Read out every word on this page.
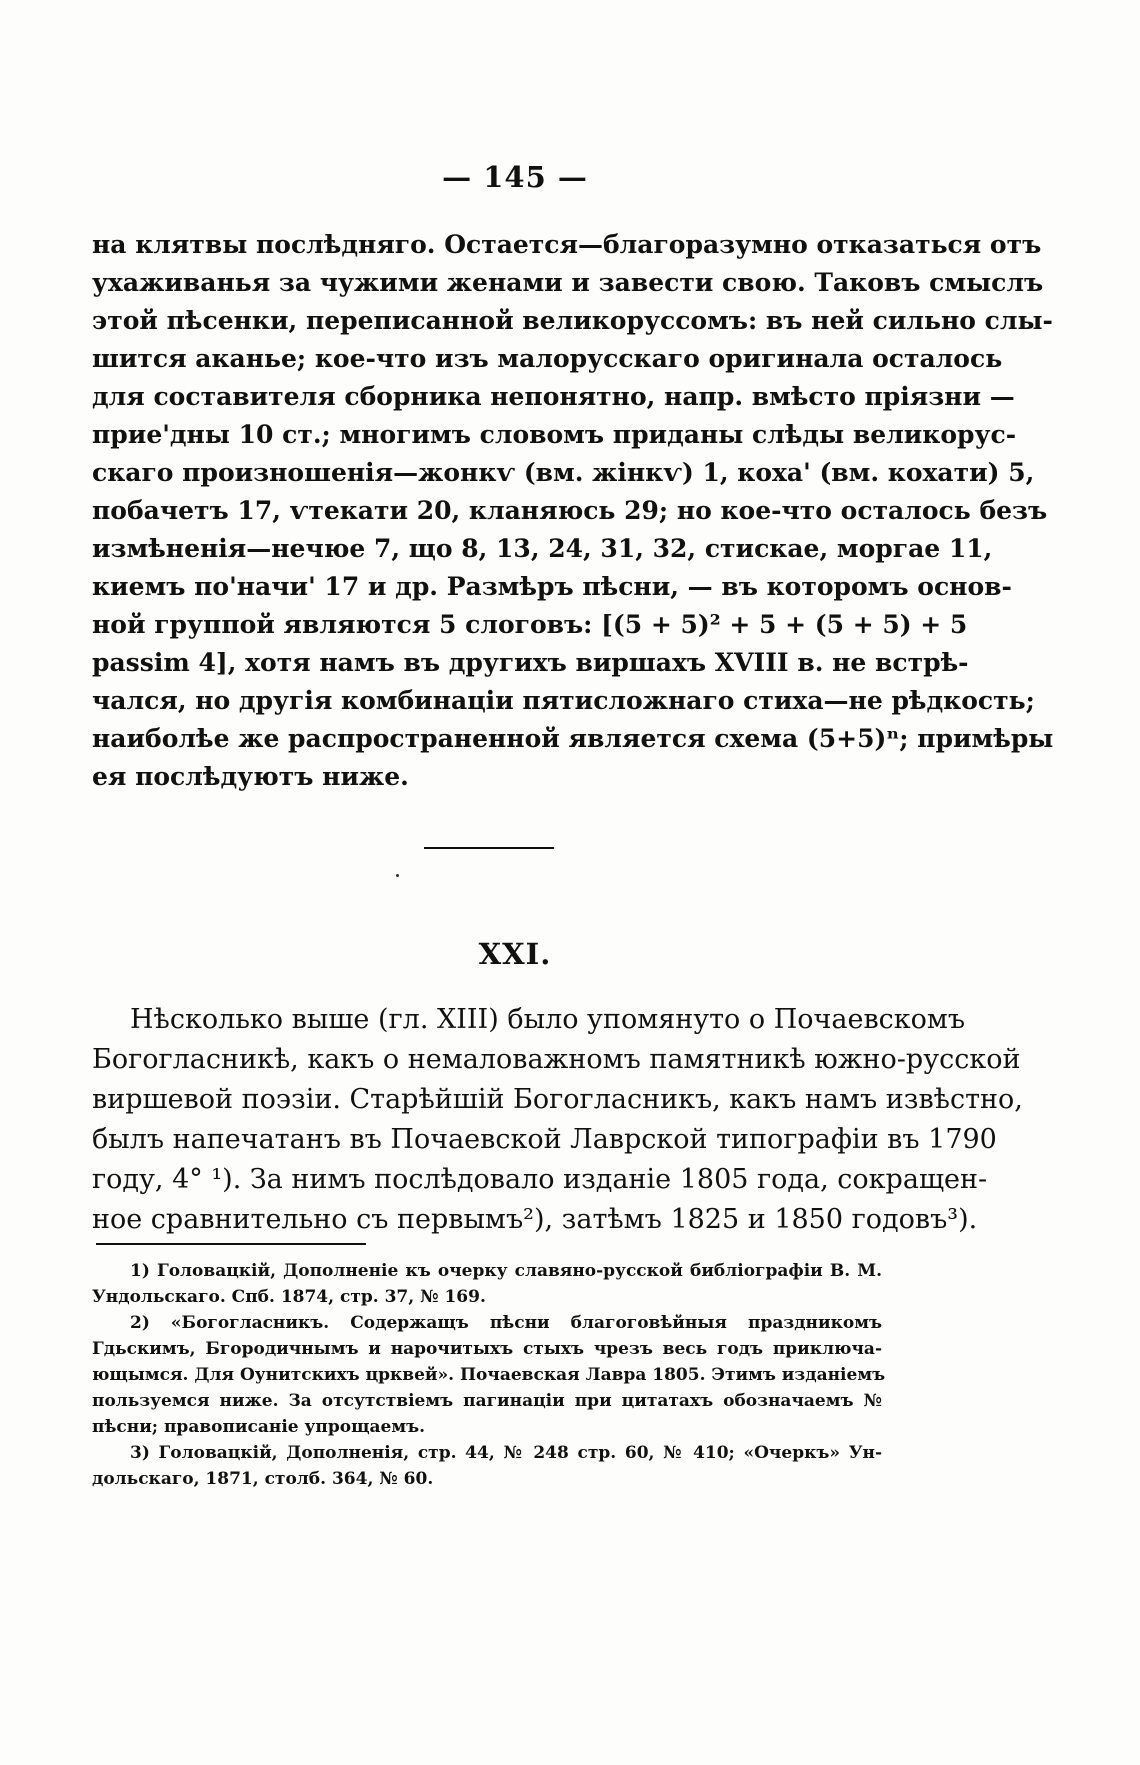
— 145 —
на клятвы послѣдняго. Остается—благоразумно отказаться отъ
ухаживанья за чужими женами и завести свою. Таковъ смыслъ
этой пѣсенки, переписанной великоруссомъ: въ ней сильно слы-
шится аканье; кое-что изъ малорусскаго оригинала осталось
для составителя сборника непонятно, напр. вмѣсто пріязни —
прие'дны 10 ст.; многимъ словомъ приданы слѣды великорус-
скаго произношенія—жонкѵ (вм. жінкѵ) 1, коха' (вм. кохати) 5,
побачетъ 17, ѵтекати 20, кланяюсь 29; но кое-что осталось безъ
измѣненія—нечюе 7, що 8, 13, 24, 31, 32, стискае, моргае 11,
киемъ по'начи' 17 и др. Размѣръ пѣсни, — въ которомъ основ-
ной группой являются 5 слоговъ: [(5 + 5)² + 5 + (5 + 5) + 5
passim 4], хотя намъ въ другихъ виршахъ XVIII в. не встрѣ-
чался, но другія комбинаціи пятисложнаго стиха—не рѣдкость;
наиболѣе же распространенной является схема (5+5)ⁿ; примѣры
ея послѣдуютъ ниже.
XXI.
Нѣсколько выше (гл. XIII) было упомянуто о Почаевскомъ
Богогласникѣ, какъ о немаловажномъ памятникѣ южно-русской
виршевой поэзіи. Старѣйшій Богогласникъ, какъ намъ извѣстно,
былъ напечатанъ въ Почаевской Лаврской типографіи въ 1790
году, 4° ¹). За нимъ послѣдовало изданіе 1805 года, сокращен-
ное сравнительно съ первымъ²), затѣмъ 1825 и 1850 годовъ³).
1) Головацкій, Дополненіе къ очерку славяно-русской библіографіи В. М.
Ундольскаго. Спб. 1874, стр. 37, № 169.
2) «Богогласникъ. Содержащъ пѣсни благоговѣйныя праздникомъ
Гдьскимъ, Бгородичнымъ и нарочитыхъ стыхъ чрезъ весь годъ приключа-
ющымся. Для Оунитскихъ црквей». Почаевская Лавра 1805. Этимъ изданіемъ
пользуемся ниже. За отсутствіемъ пагинаціи при цитатахъ обозначаемъ №
пѣсни; правописаніе упрощаемъ.
3) Головацкій, Дополненія, стр. 44, № 248 стр. 60, № 410; «Очеркъ» Ун-
дольскаго, 1871, столб. 364, № 60.
